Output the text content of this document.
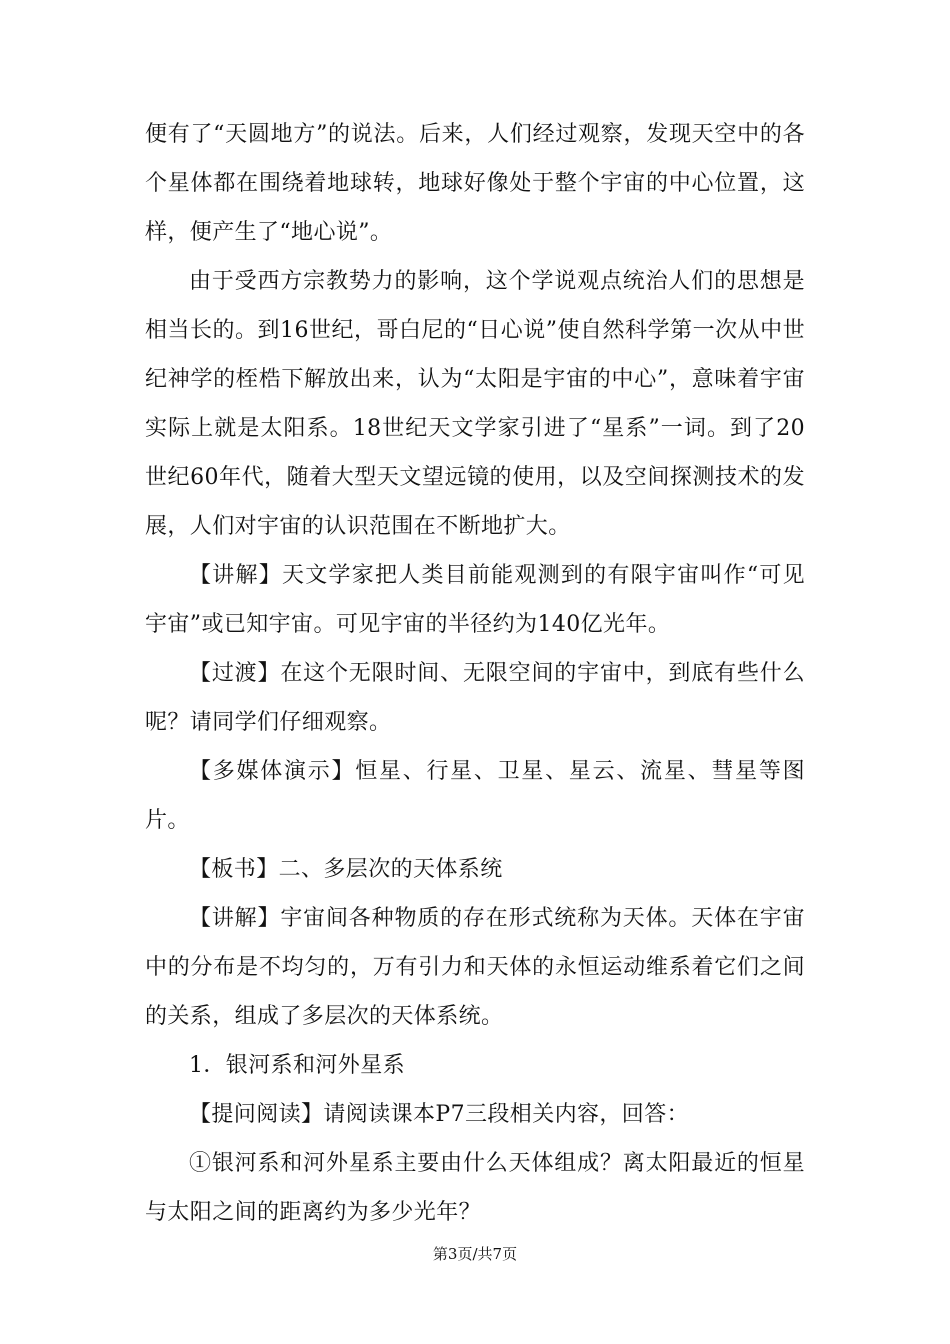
便有了“天圆地方”的说法。后来，人们经过观察，发现天空中的各个星体都在围绕着地球转，地球好像处于整个宇宙的中心位置，这样，便产生了“地心说”。

由于受西方宗教势力的影响，这个学说观点统治人们的思想是相当长的。到16世纪，哥白尼的“日心说”使自然科学第一次从中世纪神学的桎梏下解放出来，认为“太阳是宇宙的中心”，意味着宇宙实际上就是太阳系。18世纪天文学家引进了“星系”一词。到了20世纪60年代，随着大型天文望远镜的使用，以及空间探测技术的发展，人们对宇宙的认识范围在不断地扩大。

【讲解】天文学家把人类目前能观测到的有限宇宙叫作“可见宇宙”或已知宇宙。可见宇宙的半径约为140亿光年。

【过渡】在这个无限时间、无限空间的宇宙中，到底有些什么呢？请同学们仔细观察。

【多媒体演示】恒星、行星、卫星、星云、流星、彗星等图片。

【板书】二、多层次的天体系统

【讲解】宇宙间各种物质的存在形式统称为天体。天体在宇宙中的分布是不均匀的，万有引力和天体的永恒运动维系着它们之间的关系，组成了多层次的天体系统。

1．银河系和河外星系

【提问阅读】请阅读课本P7三段相关内容，回答：

①银河系和河外星系主要由什么天体组成？离太阳最近的恒星与太阳之间的距离约为多少光年？

第3页/共7页
